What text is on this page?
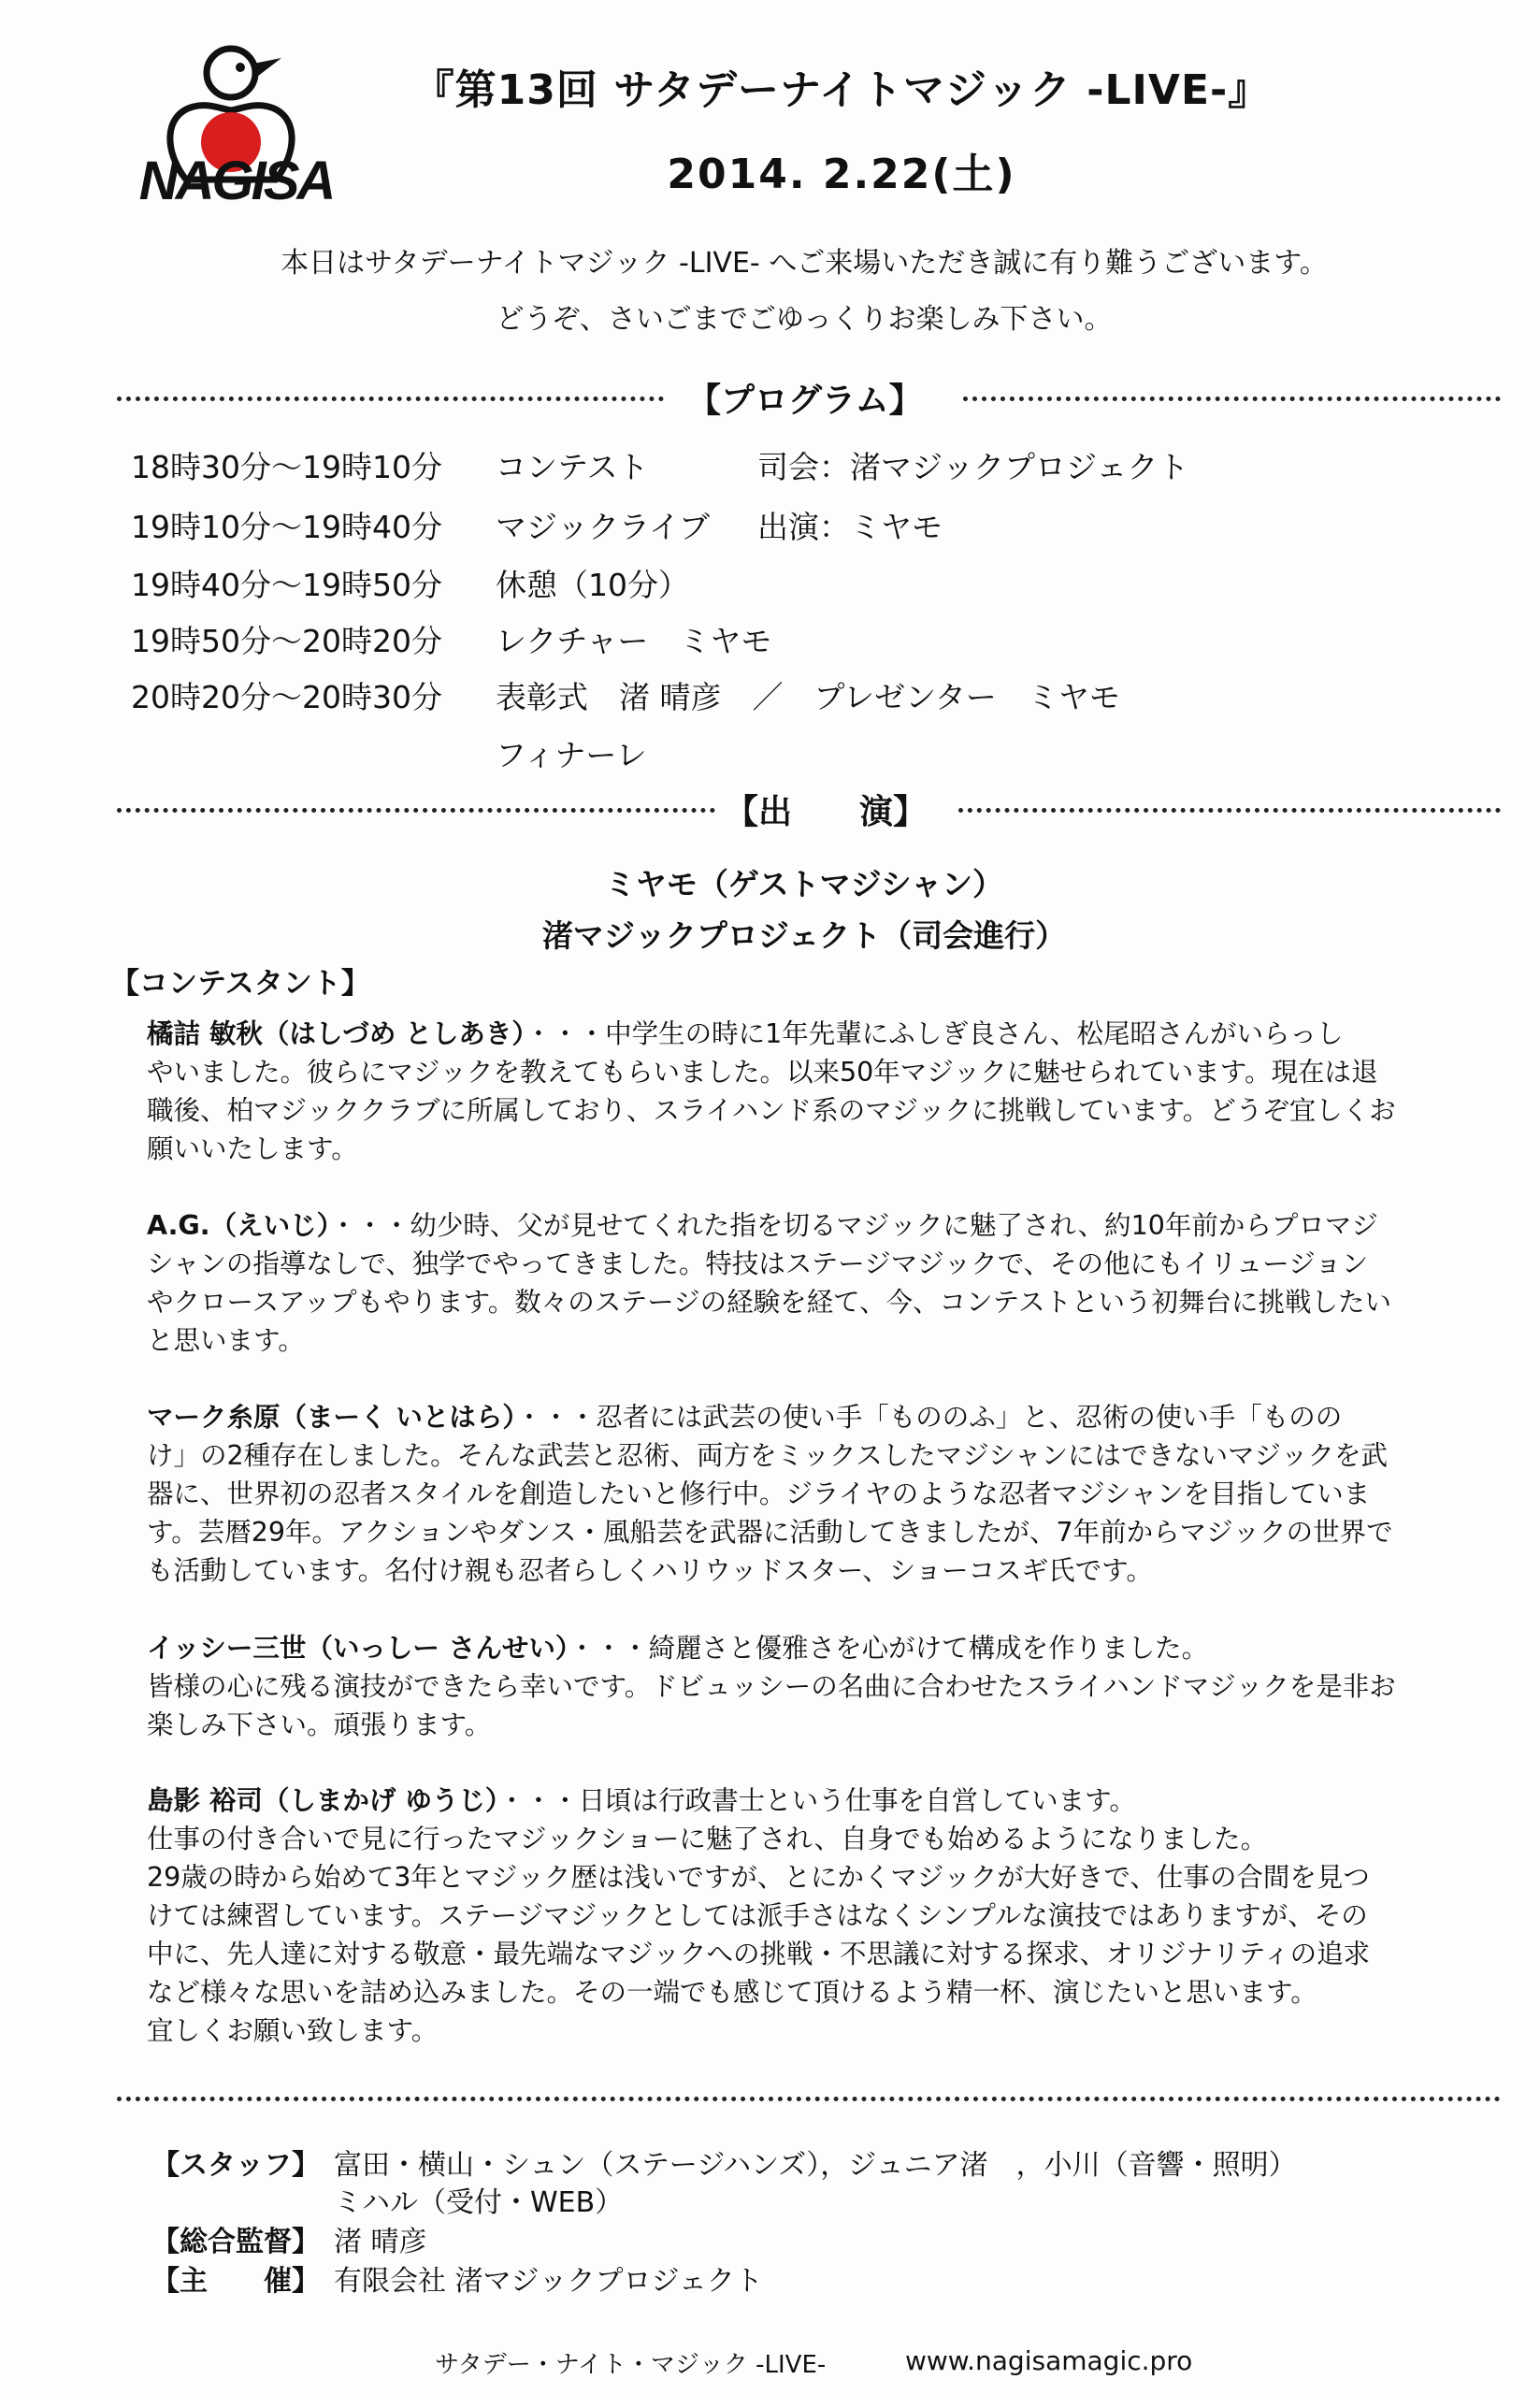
NAGISA
『第13回 サタデーナイトマジック -LIVE-』
2014. 2.22(土)
本日はサタデーナイトマジック -LIVE- へご来場いただき誠に有り難うございます。
どうぞ、さいごまでごゆっくりお楽しみ下さい。
【プログラム】
18時30分～19時10分 コンテスト	司会：渚マジックプロジェクト
19時10分～19時40分 マジックライブ 出演：ミヤモ
19時40分～19時50分 休憩（10分）
19時50分～20時20分 レクチャー　ミヤモ
20時20分～20時30分 表彰式　渚 晴彦　／　プレゼンター　ミヤモ
フィナーレ
【出　　演】
ミヤモ（ゲストマジシャン）
渚マジックプロジェクト（司会進行）
【コンテスタント】
橘詰 敏秋（はしづめ としあき）・・・中学生の時に1年先輩にふしぎ良さん、松尾昭さんがいらっし
やいました。彼らにマジックを教えてもらいました。以来50年マジックに魅せられています。現在は退
職後、柏マジッククラブに所属しており、スライハンド系のマジックに挑戦しています。どうぞ宜しくお
願いいたします。
A.G.（えいじ）・・・幼少時、父が見せてくれた指を切るマジックに魅了され、約10年前からプロマジ
シャンの指導なしで、独学でやってきました。特技はステージマジックで、その他にもイリュージョン
やクロースアップもやります。数々のステージの経験を経て、今、コンテストという初舞台に挑戦したい
と思います。
マーク糸原（まーく いとはら）・・・忍者には武芸の使い手「もののふ」と、忍術の使い手「ものの
け」の2種存在しました。そんな武芸と忍術、両方をミックスしたマジシャンにはできないマジックを武
器に、世界初の忍者スタイルを創造したいと修行中。ジライヤのような忍者マジシャンを目指していま
す。芸暦29年。アクションやダンス・風船芸を武器に活動してきましたが、7年前からマジックの世界で
も活動しています。名付け親も忍者らしくハリウッドスター、ショーコスギ氏です。
イッシー三世（いっしー さんせい）・・・綺麗さと優雅さを心がけて構成を作りました。
皆様の心に残る演技ができたら幸いです。ドビュッシーの名曲に合わせたスライハンドマジックを是非お
楽しみ下さい。頑張ります。
島影 裕司（しまかげ ゆうじ）・・・日頃は行政書士という仕事を自営しています。
仕事の付き合いで見に行ったマジックショーに魅了され、自身でも始めるようになりました。
29歳の時から始めて3年とマジック歴は浅いですが、とにかくマジックが大好きで、仕事の合間を見つ
けては練習しています。ステージマジックとしては派手さはなくシンプルな演技ではありますが、その
中に、先人達に対する敬意・最先端なマジックへの挑戦・不思議に対する探求、オリジナリティの追求
など様々な思いを詰め込みました。その一端でも感じて頂けるよう精一杯、演じたいと思います。
宜しくお願い致します。
【スタッフ】 富田・横山・シュン（ステージハンズ），ジュニア渚　，小川（音響・照明）
ミハル（受付・WEB）
【総合監督】 渚 晴彦
【主　　催】 有限会社 渚マジックプロジェクト
サタデー・ナイト・マジック -LIVE-	www.nagisamagic.pro
